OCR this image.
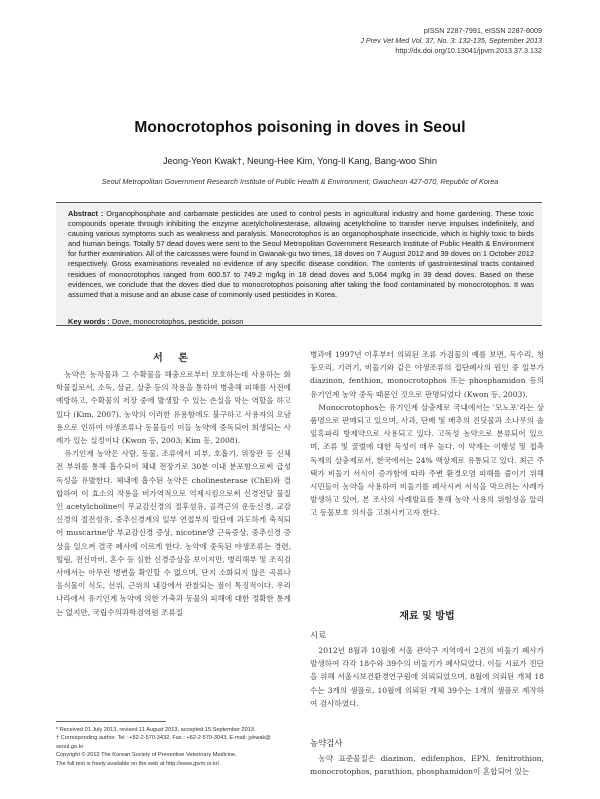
pISSN 2287-7991, eISSN 2287-8009
J Prev Vet Med Vol. 37, No. 3: 132-135, September 2013
http://dx.doi.org/10.13041/jpvm.2013.37.3.132
Monocrotophos poisoning in doves in Seoul
Jeong-Yeon Kwak†, Neung-Hee Kim, Yong-Il Kang, Bang-woo Shin
Seoul Metropolitan Government Research Institute of Public Health & Environment, Gwacheon 427-070, Republic of Korea
Abstract : Organophosphate and carbamate pesticides are used to control pests in agricultural industry and home gardening. These toxic compounds operate through inhibiting the enzyme acetylcholinesterase, allowing acetylcholine to transfer nerve impulses indefinitely, and causing various symptoms such as weakness and paralysis. Monocrotophos is an organophosphate insecticide, which is highly toxic to birds and human beings. Totally 57 dead doves were sent to the Seoul Metropolitan Government Research Institute of Public Health & Environment for further examination. All of the carcasses were found in Gwanak-gu two times, 18 doves on 7 August 2012 and 39 doves on 1 October 2012 respectively. Gross examinations revealed no evidence of any specific disease condition. The contents of gastrointestinal tracts contained residues of monocrotophos ranged from 600.57 to 749.2 mg/kg in 18 dead doves and 5,064 mg/kg in 39 dead doves. Based on these evidences, we conclude that the doves died due to monocrotophos poisoning after taking the food contaminated by monocrotophos. It was assumed that a misuse and an abuse case of commonly used pesticides in Korea.
Key words : Dove, monocrotophos, pesticide, poison
서 론

농약은 농작물과 그 수확물을 해충으로부터 보호하는데 사용하는 화학물질로서, 소독, 살균, 살충 등의 작용을 통하여 병충해 피해를 사전에 예방하고, 수확물의 저장 중에 발생할 수 있는 손실을 막는 역할을 하고 있다 (Kim, 2007). 농약의 이러한 유용함에도 불구하고 사용자의 오남용으로 인하여 야생조류나 동물들이 이들 농약에 중독되어 희생되는 사례가 있는 실정이다 (Kwon 등, 2003; Kim 등, 2008).

유기인계 농약은 사람, 동물, 조류에서 피부, 호흡기, 위장관 등 신체 전 부위를 통해 흡수되어 체내 전장기로 30분 이내 분포함으로써 급성 독성을 유발한다. 체내에 흡수된 농약은 cholinesterase (ChE)와 결합하여 이 효소의 작용을 비가역적으로 억제시킴으로써 신경전달 물질인 acetylcholine이 무교감신경의 절후섬유, 골격근의 운동신경, 교감신경의 절전섬유, 중추신경계의 일부 연접부의 말단에 과도하게 축적되어 muscarine양 부교감신경 증상, nicotine양 근육증상, 중추신경 증상을 일으켜 결국 폐사에 이르게 한다. 농약에 중독된 야생조류는 경련, 떨림, 전신마비, 혼수 등 심한 신경증상을 보이지만, 병리해부 및 조직검사에서는 아무런 병변을 확인할 수 없으며, 단지 소화되지 않은 곡류나 음식물이 식도, 선위, 근위의 내강에서 관찰되는 점이 특징적이다. 우리나라에서 유기인계 농약에 의한 가축과 동물의 피해에 대한 정확한 통계는 없지만, 국립수의과학검역원 조류질

병과에 1997년 이후부터 의뢰된 조류 가검물의 예를 보면, 독수리, 청둥오리, 기러기, 비둘기와 같은 야생조류의 집단폐사의 원인 중 일부가 diazinon, fenthion, monocrotophos 또는 phosphamidon 등의 유기인계 농약 중독 때문인 것으로 판명되었다 (Kwon 등, 2003).

Monocrotophos는 유기인계 살충제로 국내에서는 '모노포'라는 상품명으로 판매되고 있으며, 사과, 단배 및 배추의 진딧물과 소나무의 솔잎혹파리 방제약으로 사용되고 있다. 고독성 농약으로 분류되어 있으며, 조류 및 꿀벌에 대한 독성이 매우 높다. 이 약제는 이행성 및 접촉 독제의 살충제로서, 한국에서는 24% 액상제로 유통되고 있다. 최근 주택가 비둘기 서식이 증가함에 따라 주변 환경오염 피해를 줄이기 위해 시민들이 농약을 사용하여 비둘기를 폐사시켜 서식을 막으려는 사례가 발생하고 있어, 본 조사의 사례발표를 통해 농약 사용의 위험성을 알리고 동물보호 의식을 고취시키고자 한다.

재료 및 방법
시료

2012년 8월과 10월에 서울 관악구 지역에서 2건의 비둘기 폐사가 발생하여 각각 18수와 39수의 비둘기가 폐사되었다. 이들 시료가 진단을 위해 서울시보건환경연구원에 의뢰되었으며, 8월에 의뢰된 개체 18수는 3개의 샘플로, 10월에 의뢰된 개체 39수는 1개의 샘플로 제작하여 검사하였다.

농약검사

농약 표준물질은 diazinon, edifenphos, EPN, fenitrothion, monocrotophos, parathion, phosphamidon이 혼합되어 있는

* Received 01 July 2013, revised 11 August 2013, accepted 15 September 2013.
† Corresponding author. Tel : +82-2-570-3432, Fax.: +82-2-570-3043, E-mail: jykwak@
seoul.go.kr
Copyright © 2012 The Korean Society of Preventive Veterinary Medicine.
The full text is freely available on the web at http://www.jpvm.or.kr/.
